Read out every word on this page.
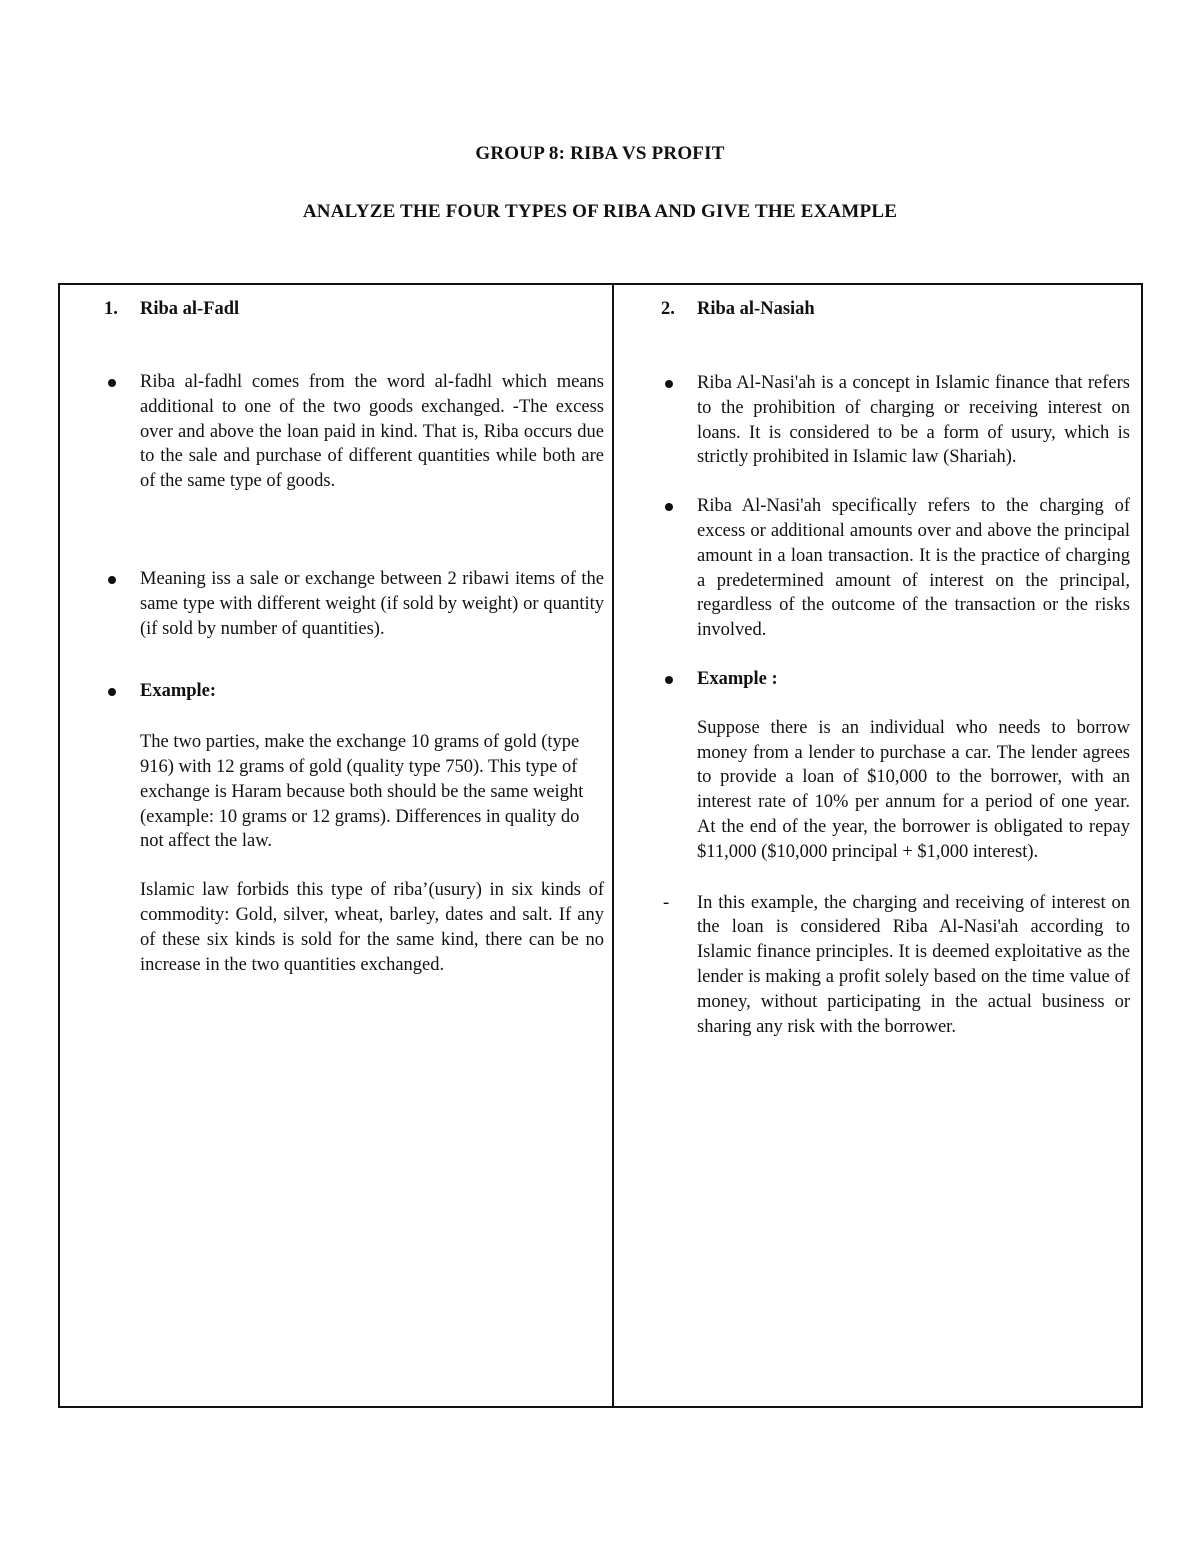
GROUP 8: RIBA VS PROFIT
ANALYZE THE FOUR TYPES OF RIBA AND GIVE THE EXAMPLE
1.	Riba al-Fadl
Riba al-fadhl comes from the word al-fadhl which means additional to one of the two goods exchanged. -The excess over and above the loan paid in kind. That is, Riba occurs due to the sale and purchase of different quantities while both are of the same type of goods.
Meaning iss a sale or exchange between 2 ribawi items of the same type with different weight (if sold by weight) or quantity (if sold by number of quantities).
Example:
The two parties, make the exchange 10 grams of gold (type 916) with 12 grams of gold (quality type 750). This type of exchange is Haram because both should be the same weight (example: 10 grams or 12 grams). Differences in quality do not affect the law.
Islamic law forbids this type of riba’(usury) in six kinds of commodity: Gold, silver, wheat, barley, dates and salt. If any of these six kinds is sold for the same kind, there can be no increase in the two quantities exchanged.
2.	Riba al-Nasiah
Riba Al-Nasi'ah is a concept in Islamic finance that refers to the prohibition of charging or receiving interest on loans. It is considered to be a form of usury, which is strictly prohibited in Islamic law (Shariah).
Riba Al-Nasi'ah specifically refers to the charging of excess or additional amounts over and above the principal amount in a loan transaction. It is the practice of charging a predetermined amount of interest on the principal, regardless of the outcome of the transaction or the risks involved.
Example :
Suppose there is an individual who needs to borrow money from a lender to purchase a car. The lender agrees to provide a loan of $10,000 to the borrower, with an interest rate of 10% per annum for a period of one year. At the end of the year, the borrower is obligated to repay $11,000 ($10,000 principal + $1,000 interest).
- In this example, the charging and receiving of interest on the loan is considered Riba Al-Nasi'ah according to Islamic finance principles. It is deemed exploitative as the lender is making a profit solely based on the time value of money, without participating in the actual business or sharing any risk with the borrower.
